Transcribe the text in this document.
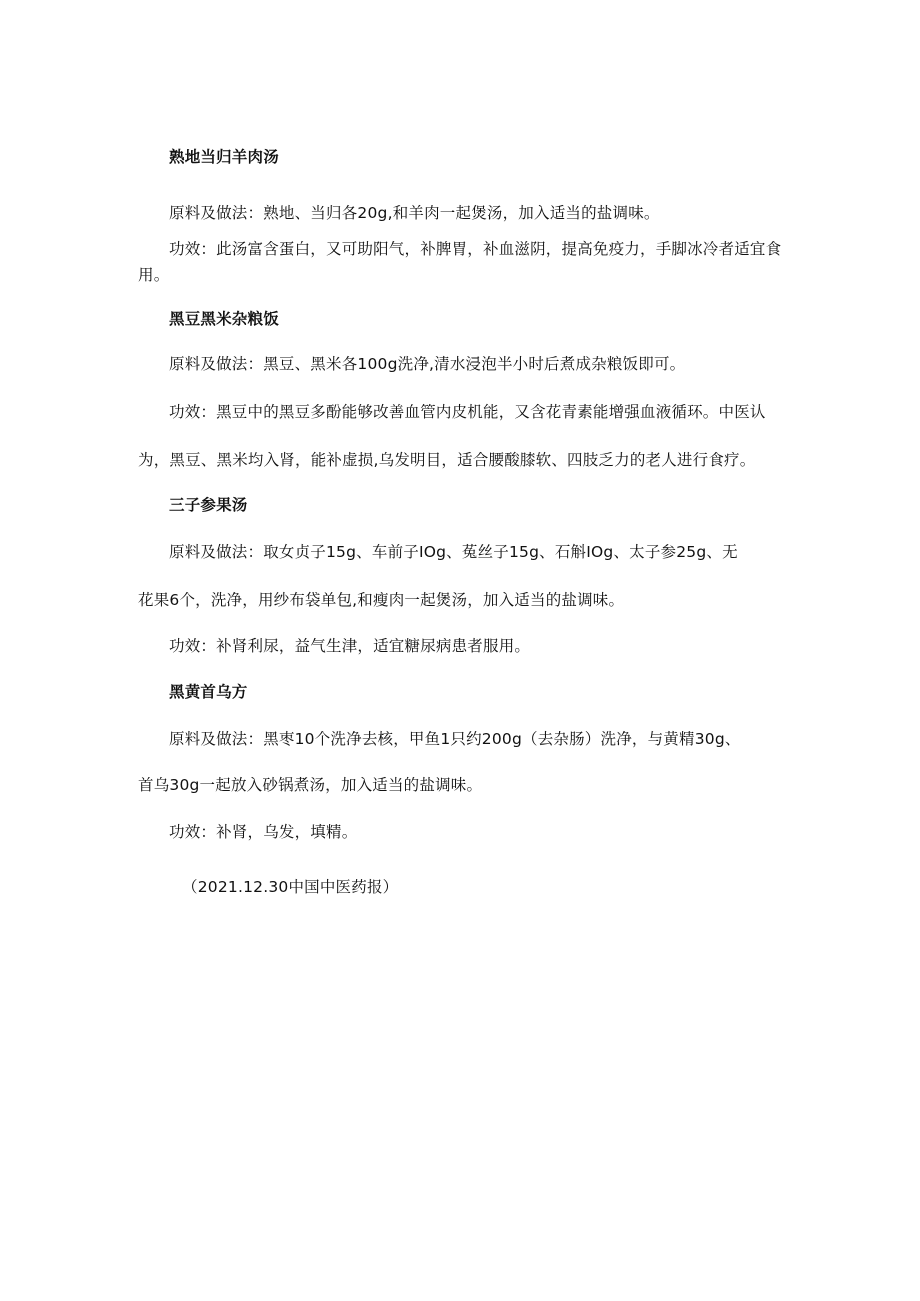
熟地当归羊肉汤
原料及做法：熟地、当归各20g,和羊肉一起煲汤，加入适当的盐调味。
功效：此汤富含蛋白，又可助阳气，补脾胃，补血滋阴，提高免疫力，手脚冰冷者适宜食
用。
黑豆黑米杂粮饭
原料及做法：黑豆、黑米各100g洗净,清水浸泡半小时后煮成杂粮饭即可。
功效：黑豆中的黑豆多酚能够改善血管内皮机能，又含花青素能增强血液循环。中医认
为，黑豆、黑米均入肾，能补虚损,乌发明目，适合腰酸膝软、四肢乏力的老人进行食疗。
三子参果汤
原料及做法：取女贞子15g、车前子IOg、菟丝子15g、石斛IOg、太子参25g、无
花果6个，洗净，用纱布袋单包,和瘦肉一起煲汤，加入适当的盐调味。
功效：补肾利尿，益气生津，适宜糖尿病患者服用。
黑黄首乌方
原料及做法：黑枣10个洗净去核，甲鱼1只约200g（去杂肠）洗净，与黄精30g、
首乌30g一起放入砂锅煮汤，加入适当的盐调味。
功效：补肾，乌发，填精。
（2021.12.30中国中医药报）
